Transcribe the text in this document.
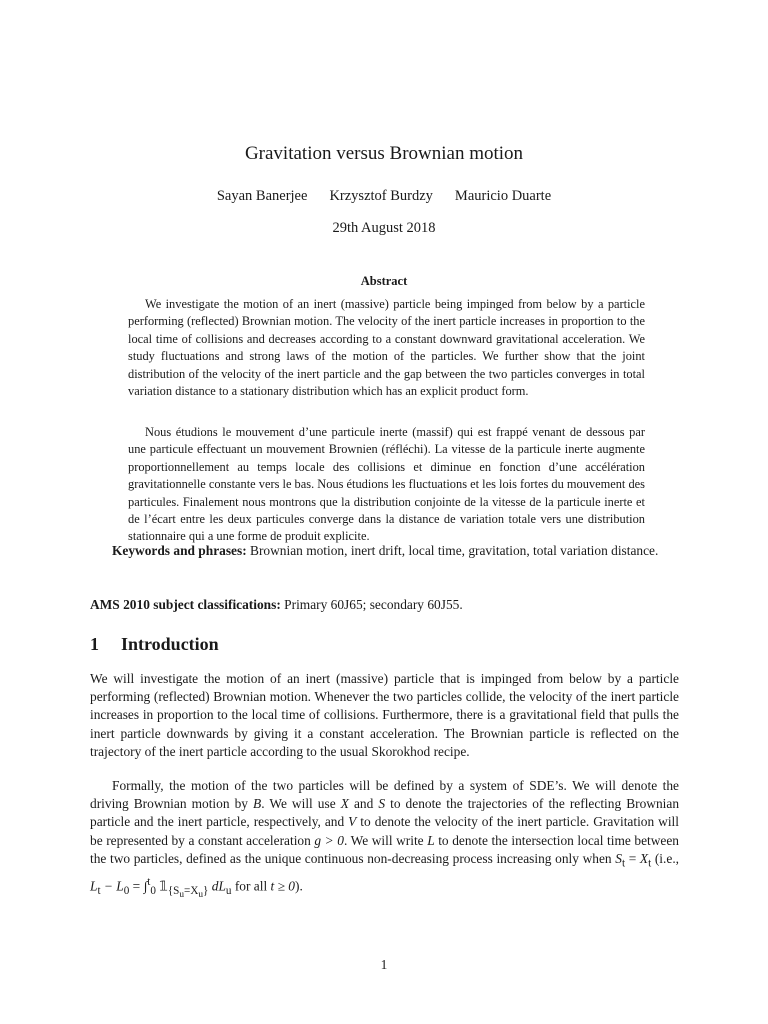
Gravitation versus Brownian motion
Sayan Banerjee Krzysztof Burdzy Mauricio Duarte
29th August 2018
Abstract

We investigate the motion of an inert (massive) particle being impinged from below by a particle performing (reflected) Brownian motion. The velocity of the inert particle increases in proportion to the local time of collisions and decreases according to a constant downward gravitational acceleration. We study fluctuations and strong laws of the motion of the particles. We further show that the joint distribution of the velocity of the inert particle and the gap between the two particles converges in total variation distance to a stationary distribution which has an explicit product form.

Nous étudions le mouvement d’une particule inerte (massif) qui est frappé venant de dessous par une particule effectuant un mouvement Brownien (réfléchi). La vitesse de la particule inerte augmente proportionnellement au temps locale des collisions et diminue en fonction d’une accélération gravitationnelle constante vers le bas. Nous étudions les fluctuations et les lois fortes du mouvement des particules. Finalement nous montrons que la distribution conjointe de la vitesse de la particule inerte et de l’écart entre les deux particules converge dans la distance de variation totale vers une distribution stationnaire qui a une forme de produit explicite.

Keywords and phrases: Brownian motion, inert drift, local time, gravitation, total variation distance.

AMS 2010 subject classifications: Primary 60J65; secondary 60J55.

1 Introduction

We will investigate the motion of an inert (massive) particle that is impinged from below by a particle performing (reflected) Brownian motion. Whenever the two particles collide, the velocity of the inert particle increases in proportion to the local time of collisions. Furthermore, there is a gravitational field that pulls the inert particle downwards by giving it a constant acceleration. The Brownian particle is reflected on the trajectory of the inert particle according to the usual Skorokhod recipe.

Formally, the motion of the two particles will be defined by a system of SDE’s. We will denote the driving Brownian motion by B. We will use X and S to denote the trajectories of the reflecting Brownian particle and the inert particle, respectively, and V to denote the velocity of the inert particle. Gravitation will be represented by a constant acceleration g > 0. We will write L to denote the intersection local time between the two particles, defined as the unique continuous non-decreasing process increasing only when $S_t = X_t$ (i.e., $L_t - L_0 = \int^t_0$ $𝟙_{\{S_u=X_u\}}$ $dL_u$ for all t ≥ 0).

1
